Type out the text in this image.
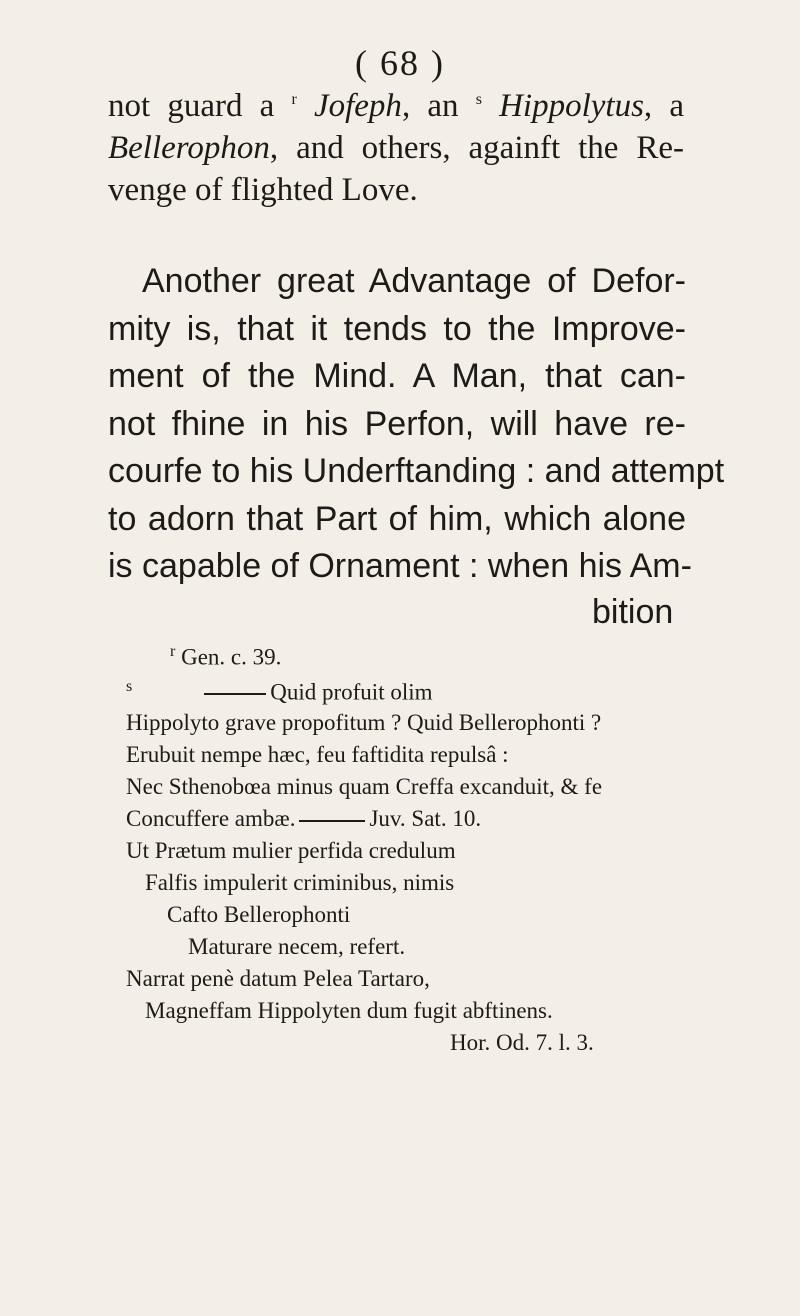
( 68 )
not guard a $^r$ Jofeph, an $^s$ Hippolytus, a
Bellerophon, and others, againft the Re-
venge of flighted Love.
Another great Advantage of Defor-
mity is, that it tends to the Improve-
ment of the Mind. A Man, that can-
not fhine in his Perfon, will have re-
courfe to his Underftanding : and attempt
to adorn that Part of him, which alone
is capable of Ornament : when his Am-
bition
$^r$ Gen. c. 39.
$^s$	Quid profuit olim
Hippolyto grave propofitum ? Quid Bellerophonti ?
Erubuit nempe hæc, feu faftidita repulsâ :
Nec Sthenobœa minus quam Creffa excanduit, & fe
Concuffere ambæ.	Juv. Sat. 10.
Ut Prætum mulier perfida credulum
Falfis impulerit criminibus, nimis
Cafto Bellerophonti
Maturare necem, refert.
Narrat penè datum Pelea Tartaro,
Magneffam Hippolyten dum fugit abftinens.
Hor. Od. 7. l. 3.
